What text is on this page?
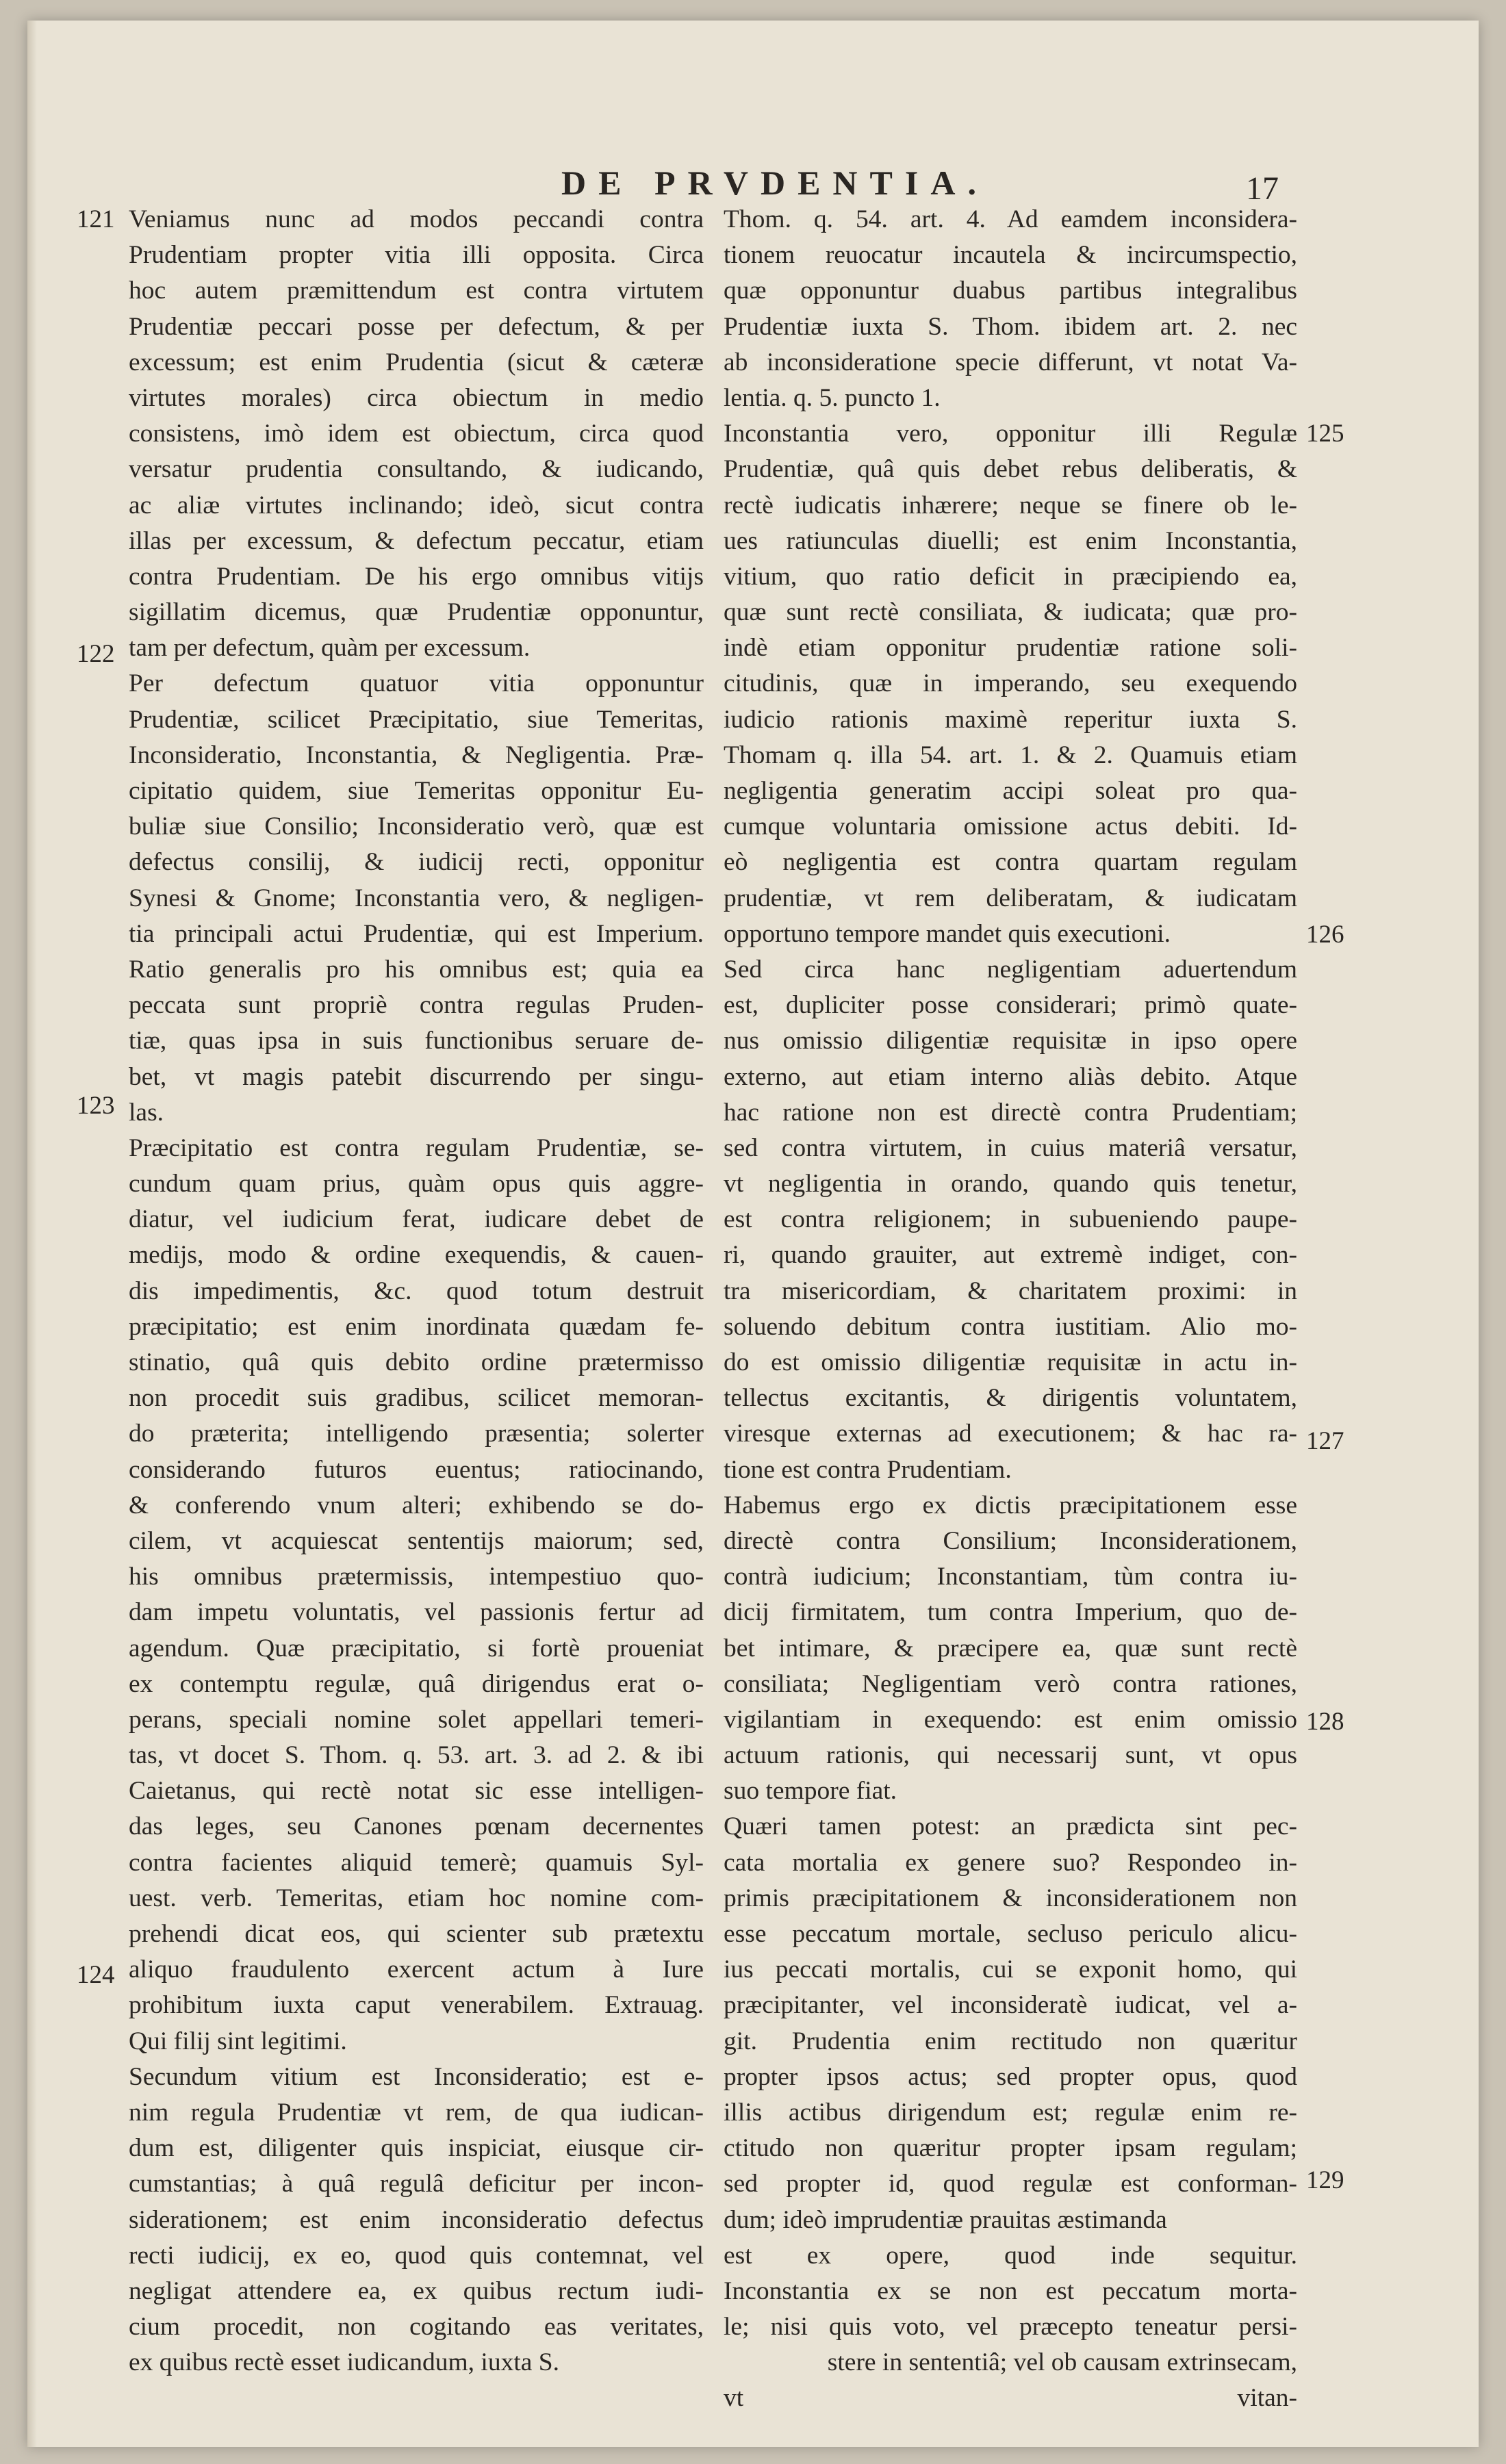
DE PRVDENTIA.	17
121
122
123
124
125
126
127
128
129
Veniamus nunc ad modos peccandi contra
Prudentiam propter vitia illi opposita. Circa
hoc autem præmittendum est contra virtutem
Prudentiæ peccari posse per defectum, & per
excessum; est enim Prudentia (sicut & cæteræ
virtutes morales) circa obiectum in medio
consistens, imò idem est obiectum, circa quod
versatur prudentia consultando, & iudicando,
ac aliæ virtutes inclinando; ideò, sicut contra
illas per excessum, & defectum peccatur, etiam
contra Prudentiam. De his ergo omnibus vitijs
sigillatim dicemus, quæ Prudentiæ opponuntur,
tam per defectum, quàm per excessum.
Per defectum quatuor vitia opponuntur
Prudentiæ, scilicet Præcipitatio, siue Temeritas,
Inconsideratio, Inconstantia, & Negligentia. Præ-
cipitatio quidem, siue Temeritas opponitur Eu-
buliæ siue Consilio; Inconsideratio verò, quæ est
defectus consilij, & iudicij recti, opponitur
Synesi & Gnome; Inconstantia vero, & negligen-
tia principali actui Prudentiæ, qui est Imperium.
Ratio generalis pro his omnibus est; quia ea
peccata sunt propriè contra regulas Pruden-
tiæ, quas ipsa in suis functionibus seruare de-
bet, vt magis patebit discurrendo per singu-
las.
Præcipitatio est contra regulam Prudentiæ, se-
cundum quam prius, quàm opus quis aggre-
diatur, vel iudicium ferat, iudicare debet de
medijs, modo & ordine exequendis, & cauen-
dis impedimentis, &c. quod totum destruit
præcipitatio; est enim inordinata quædam fe-
stinatio, quâ quis debito ordine prætermisso
non procedit suis gradibus, scilicet memoran-
do præterita; intelligendo præsentia; solerter
considerando futuros euentus; ratiocinando,
& conferendo vnum alteri; exhibendo se do-
cilem, vt acquiescat sententijs maiorum; sed,
his omnibus prætermissis, intempestiuo quo-
dam impetu voluntatis, vel passionis fertur ad
agendum. Quæ præcipitatio, si fortè proueniat
ex contemptu regulæ, quâ dirigendus erat o-
perans, speciali nomine solet appellari temeri-
tas, vt docet S. Thom. q. 53. art. 3. ad 2. & ibi
Caietanus, qui rectè notat sic esse intelligen-
das leges, seu Canones pœnam decernentes
contra facientes aliquid temerè; quamuis Syl-
uest. verb. Temeritas, etiam hoc nomine com-
prehendi dicat eos, qui scienter sub prætextu
aliquo fraudulento exercent actum à Iure
prohibitum iuxta caput venerabilem. Extrauag.
Qui filij sint legitimi.
Secundum vitium est Inconsideratio; est e-
nim regula Prudentiæ vt rem, de qua iudican-
dum est, diligenter quis inspiciat, eiusque cir-
cumstantias; à quâ regulâ deficitur per incon-
siderationem; est enim inconsideratio defectus
recti iudicij, ex eo, quod quis contemnat, vel
negligat attendere ea, ex quibus rectum iudi-
cium procedit, non cogitando eas veritates,
ex quibus rectè esset iudicandum, iuxta S.
Thom. q. 54. art. 4. Ad eamdem inconsidera-
tionem reuocatur incautela & incircumspectio,
quæ opponuntur duabus partibus integralibus
Prudentiæ iuxta S. Thom. ibidem art. 2. nec
ab inconsideratione specie differunt, vt notat Va-
lentia. q. 5. puncto 1.
Inconstantia vero, opponitur illi Regulæ
Prudentiæ, quâ quis debet rebus deliberatis, &
rectè iudicatis inhærere; neque se finere ob le-
ues ratiunculas diuelli; est enim Inconstantia,
vitium, quo ratio deficit in præcipiendo ea,
quæ sunt rectè consiliata, & iudicata; quæ pro-
indè etiam opponitur prudentiæ ratione soli-
citudinis, quæ in imperando, seu exequendo
iudicio rationis maximè reperitur iuxta S.
Thomam q. illa 54. art. 1. & 2. Quamuis etiam
negligentia generatim accipi soleat pro qua-
cumque voluntaria omissione actus debiti. Id-
eò negligentia est contra quartam regulam
prudentiæ, vt rem deliberatam, & iudicatam
opportuno tempore mandet quis executioni.
Sed circa hanc negligentiam aduertendum
est, dupliciter posse considerari; primò quate-
nus omissio diligentiæ requisitæ in ipso opere
externo, aut etiam interno aliàs debito. Atque
hac ratione non est directè contra Prudentiam;
sed contra virtutem, in cuius materiâ versatur,
vt negligentia in orando, quando quis tenetur,
est contra religionem; in subueniendo paupe-
ri, quando grauiter, aut extremè indiget, con-
tra misericordiam, & charitatem proximi: in
soluendo debitum contra iustitiam. Alio mo-
do est omissio diligentiæ requisitæ in actu in-
tellectus excitantis, & dirigentis voluntatem,
viresque externas ad executionem; & hac ra-
tione est contra Prudentiam.
Habemus ergo ex dictis præcipitationem esse
directè contra Consilium; Inconsiderationem,
contrà iudicium; Inconstantiam, tùm contra iu-
dicij firmitatem, tum contra Imperium, quo de-
bet intimare, & præcipere ea, quæ sunt rectè
consiliata; Negligentiam verò contra rationes,
vigilantiam in exequendo: est enim omissio
actuum rationis, qui necessarij sunt, vt opus
suo tempore fiat.
Quæri tamen potest: an prædicta sint pec-
cata mortalia ex genere suo? Respondeo in-
primis præcipitationem & inconsiderationem non
esse peccatum mortale, secluso periculo alicu-
ius peccati mortalis, cui se exponit homo, qui
præcipitanter, vel inconsideratè iudicat, vel a-
git. Prudentia enim rectitudo non quæritur
propter ipsos actus; sed propter opus, quod
illis actibus dirigendum est; regulæ enim re-
ctitudo non quæritur propter ipsam regulam;
sed propter id, quod regulæ est conforman-
dum; ideò imprudentiæ prauitas æstimanda
est ex opere, quod inde sequitur.
Inconstantia ex se non est peccatum morta-
le; nisi quis voto, vel præcepto teneatur persi-
stere in sententiâ; vel ob causam extrinsecam,
vt vitan-
